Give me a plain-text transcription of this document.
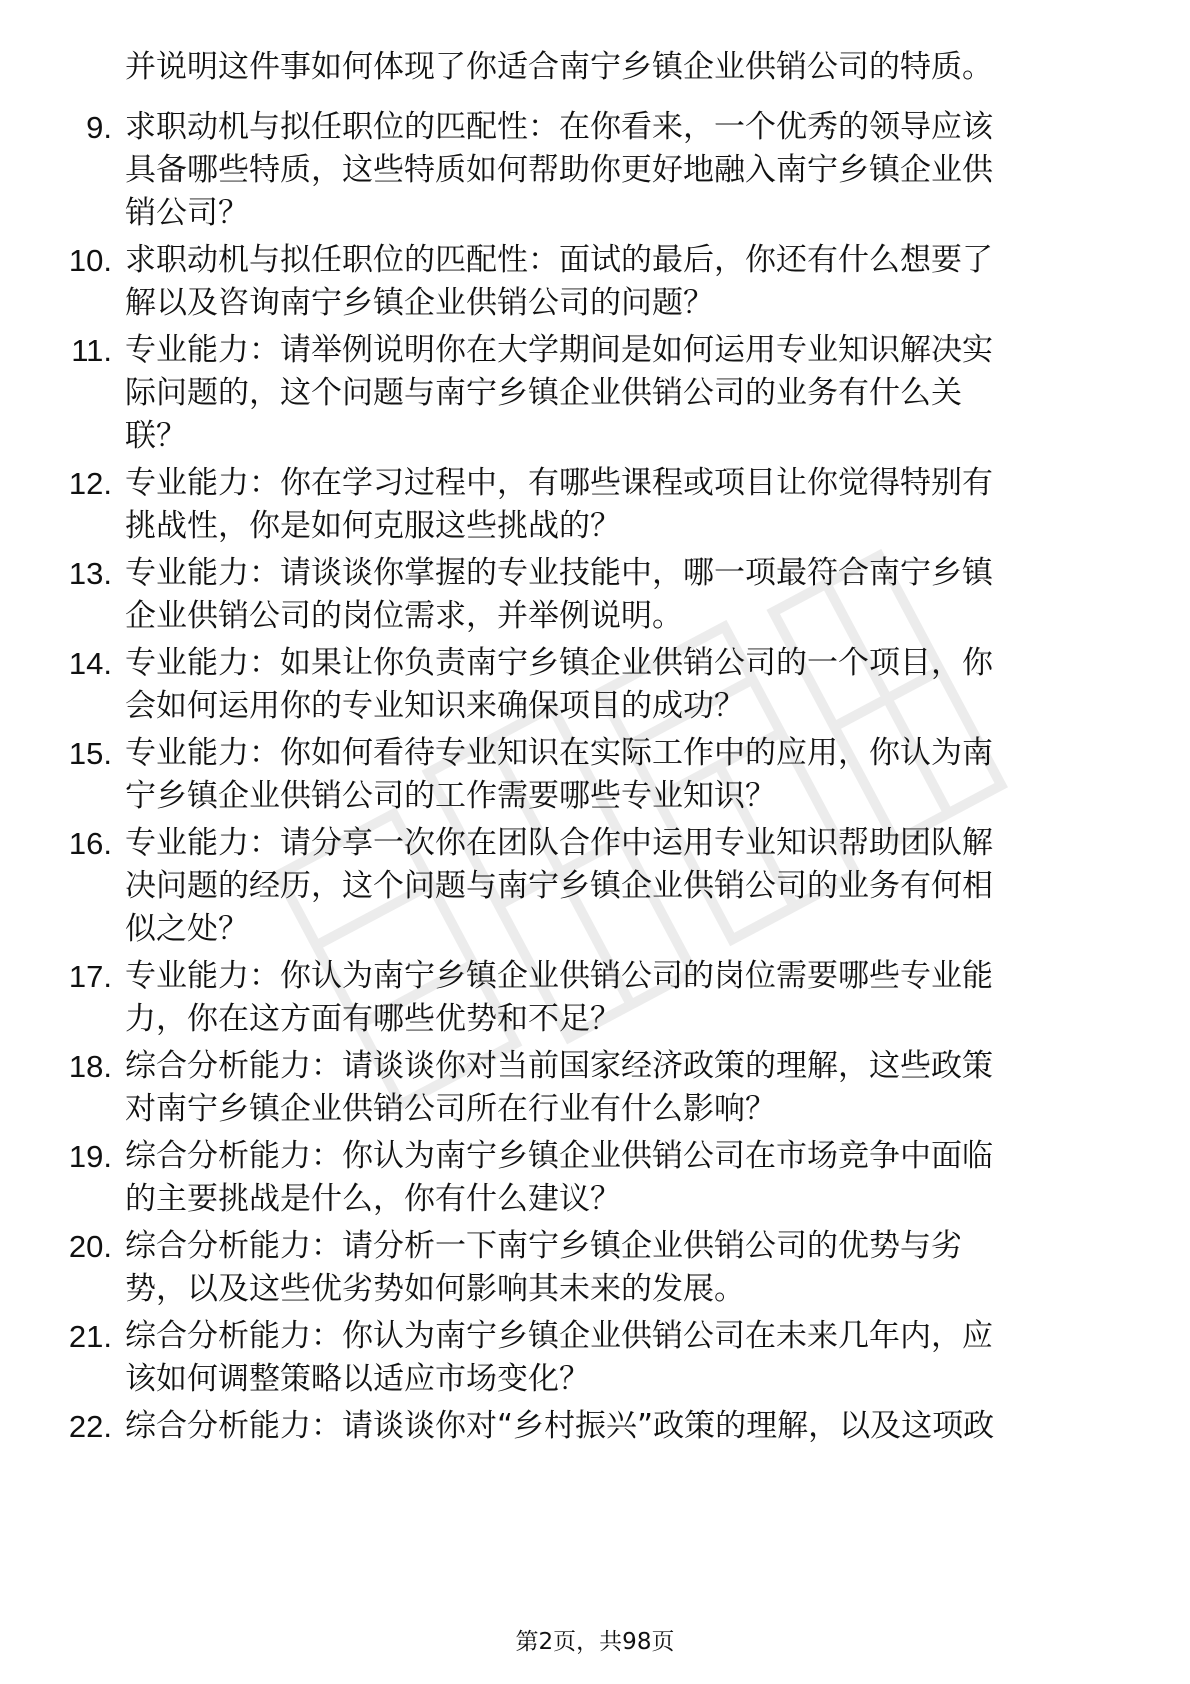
并说明这件事如何体现了你适合南宁乡镇企业供销公司的特质。
9. 求职动机与拟任职位的匹配性：在你看来，一个优秀的领导应该
具备哪些特质，这些特质如何帮助你更好地融入南宁乡镇企业供
销公司？
10. 求职动机与拟任职位的匹配性：面试的最后，你还有什么想要了
解以及咨询南宁乡镇企业供销公司的问题？
11. 专业能力：请举例说明你在大学期间是如何运用专业知识解决实
际问题的，这个问题与南宁乡镇企业供销公司的业务有什么关
联？
12. 专业能力：你在学习过程中，有哪些课程或项目让你觉得特别有
挑战性，你是如何克服这些挑战的？
13. 专业能力：请谈谈你掌握的专业技能中，哪一项最符合南宁乡镇
企业供销公司的岗位需求，并举例说明。
14. 专业能力：如果让你负责南宁乡镇企业供销公司的一个项目，你
会如何运用你的专业知识来确保项目的成功？
15. 专业能力：你如何看待专业知识在实际工作中的应用，你认为南
宁乡镇企业供销公司的工作需要哪些专业知识？
16. 专业能力：请分享一次你在团队合作中运用专业知识帮助团队解
决问题的经历，这个问题与南宁乡镇企业供销公司的业务有何相
似之处？
17. 专业能力：你认为南宁乡镇企业供销公司的岗位需要哪些专业能
力，你在这方面有哪些优势和不足？
18. 综合分析能力：请谈谈你对当前国家经济政策的理解，这些政策
对南宁乡镇企业供销公司所在行业有什么影响？
19. 综合分析能力：你认为南宁乡镇企业供销公司在市场竞争中面临
的主要挑战是什么，你有什么建议？
20. 综合分析能力：请分析一下南宁乡镇企业供销公司的优势与劣
势，以及这些优劣势如何影响其未来的发展。
21. 综合分析能力：你认为南宁乡镇企业供销公司在未来几年内，应
该如何调整策略以适应市场变化？
22. 综合分析能力：请谈谈你对“乡村振兴”政策的理解，以及这项政
第2页，共98页
